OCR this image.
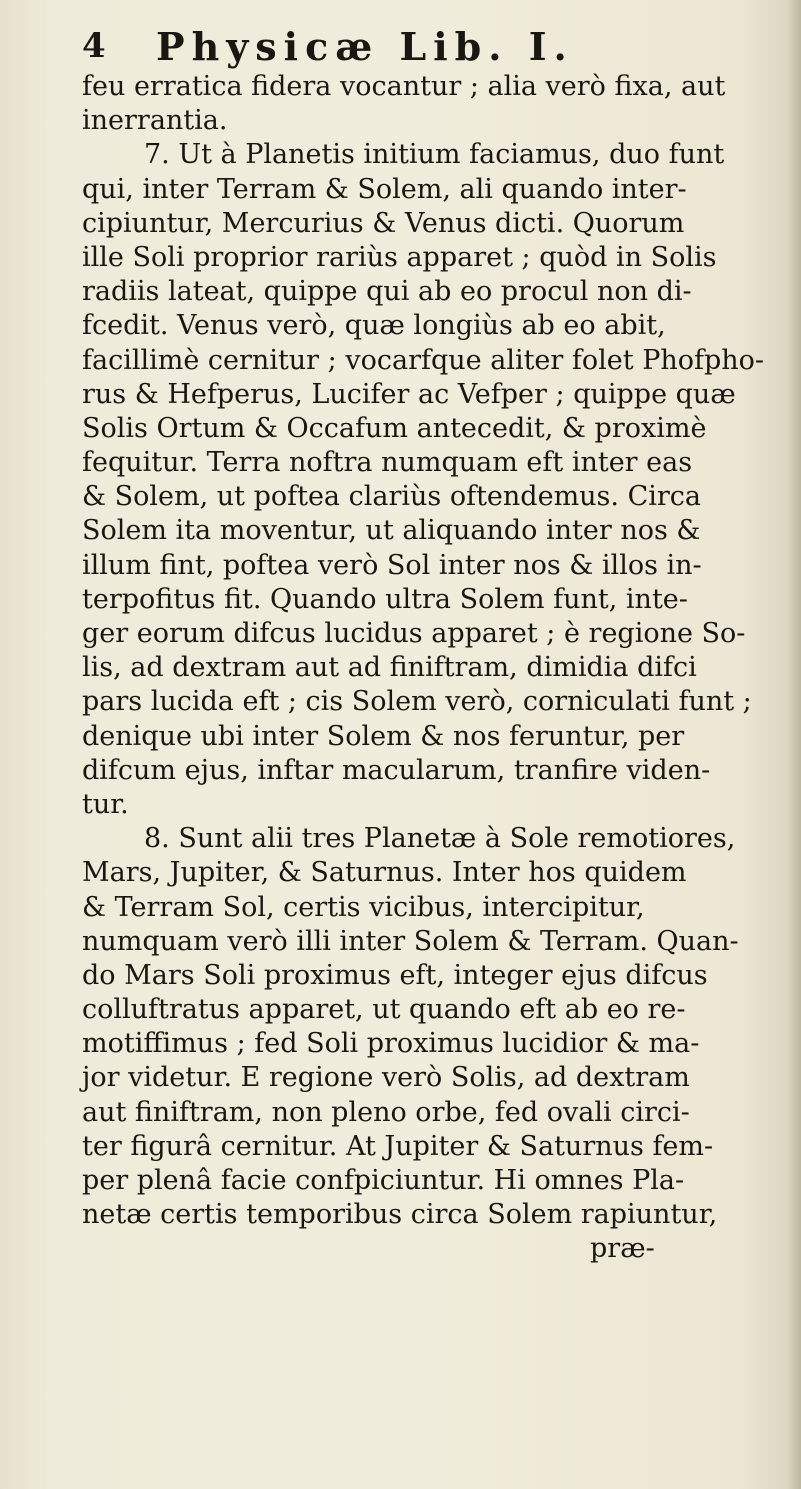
4 Physicæ Lib. I.
feu erratica fidera vocantur ; alia verò fixa, aut
inerrantia.
7. Ut à Planetis initium faciamus, duo funt
qui, inter Terram & Solem, ali quando inter-
cipiuntur, Mercurius & Venus dicti. Quorum
ille Soli proprior rariùs apparet ; quòd in Solis
radiis lateat, quippe qui ab eo procul non di-
fcedit. Venus verò, quæ longiùs ab eo abit,
facillimè cernitur ; vocarfque aliter folet Phofpho-
rus & Hefperus, Lucifer ac Vefper ; quippe quæ
Solis Ortum & Occafum antecedit, & proximè
fequitur. Terra noftra numquam eft inter eas
& Solem, ut poftea clariùs oftendemus. Circa
Solem ita moventur, ut aliquando inter nos &
illum fint, poftea verò Sol inter nos & illos in-
terpofitus fit. Quando ultra Solem funt, inte-
ger eorum difcus lucidus apparet ; è regione So-
lis, ad dextram aut ad finiftram, dimidia difci
pars lucida eft ; cis Solem verò, corniculati funt ;
denique ubi inter Solem & nos feruntur, per
difcum ejus, inftar macularum, tranfire viden-
tur.
8. Sunt alii tres Planetæ à Sole remotiores,
Mars, Jupiter, & Saturnus. Inter hos quidem
& Terram Sol, certis vicibus, intercipitur,
numquam verò illi inter Solem & Terram. Quan-
do Mars Soli proximus eft, integer ejus difcus
colluftratus apparet, ut quando eft ab eo re-
motiffimus ; fed Soli proximus lucidior & ma-
jor videtur. E regione verò Solis, ad dextram
aut finiftram, non pleno orbe, fed ovali circi-
ter figurâ cernitur. At Jupiter & Saturnus fem-
per plenâ facie confpiciuntur. Hi omnes Pla-
netæ certis temporibus circa Solem rapiuntur,
præ-
